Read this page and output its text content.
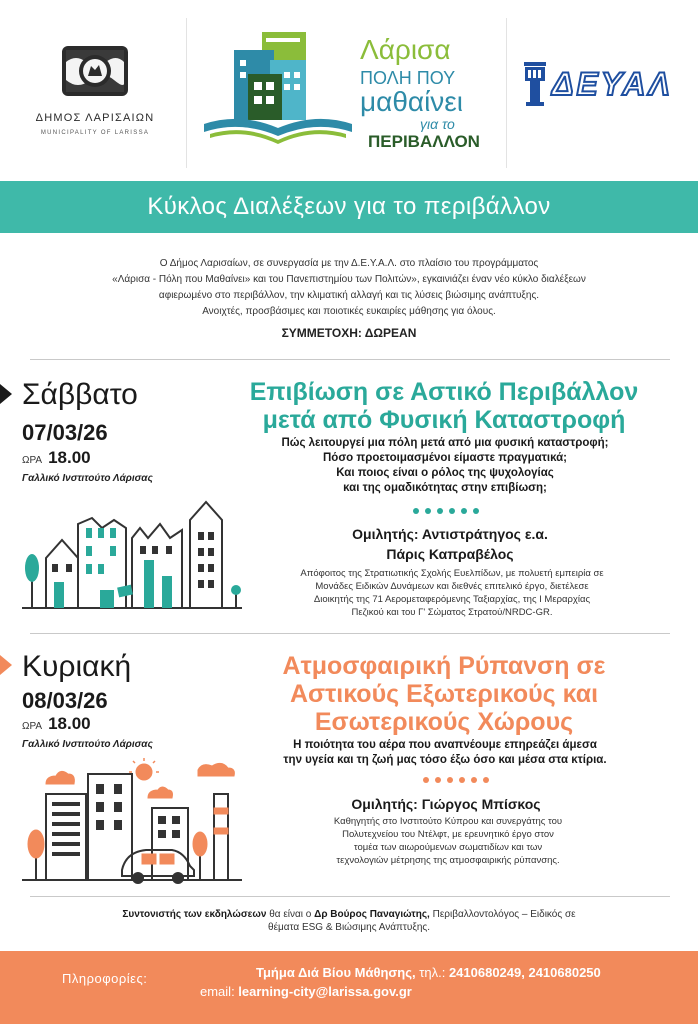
ΔΗΜΟΣ ΛΑΡΙΣΑΙΩΝ
MUNICIPALITY OF LARISSA
Λάρισα
ΠΟΛΗ ΠΟΥ
μαθαίνει
για το
ΠΕΡΙΒΑΛΛΟΝ
ΔΕΥΑΛ
Κύκλος Διαλέξεων για το περιβάλλον

Ο Δήμος Λαρισαίων, σε συνεργασία με την Δ.Ε.Υ.Α.Λ. στο πλαίσιο του προγράμματος

«Λάρισα - Πόλη που Μαθαίνει» και του Πανεπιστημίου των Πολιτών», εγκαινιάζει έναν νέο κύκλο διαλέξεων

αφιερωμένο στο περιβάλλον, την κλιματική αλλαγή και τις λύσεις βιώσιμης ανάπτυξης.

Ανοιχτές, προσβάσιμες και ποιοτικές ευκαιρίες μάθησης για όλους.

ΣΥΜΜΕΤΟΧΗ: ΔΩΡΕΑΝ
Σάββατο
07/03/26
ΩΡΑ 18.00
Γαλλικό Ινστιτούτο Λάρισας

Επιβίωση σε Αστικό Περιβάλλον

μετά από Φυσική Καταστροφή

Πώς λειτουργεί μια πόλη μετά από μια φυσική καταστροφή;

Πόσο προετοιμασμένοι είμαστε πραγματικά;

Και ποιος είναι ο ρόλος της ψυχολογίας

και της ομαδικότητας στην επιβίωση;

Ομιλητής: Αντιστράτηγος ε.α.

Πάρις Καπραβέλος

Απόφοιτος της Στρατιωτικής Σχολής Ευελπίδων, με πολυετή εμπειρία σε

Μονάδες Ειδικών Δυνάμεων και διεθνές επιτελικό έργο, διετέλεσε

Διοικητής της 71 Αερομεταφερόμενης Ταξιαρχίας, της Ι Μεραρχίας

Πεζικού και του Γ' Σώματος Στρατού/NRDC-GR.

Κυριακή
08/03/26
ΩΡΑ 18.00
Γαλλικό Ινστιτούτο Λάρισας

Ατμοσφαιρική Ρύπανση σε

Αστικούς Εξωτερικούς και

Εσωτερικούς Χώρους

Η ποιότητα του αέρα που αναπνέουμε επηρεάζει άμεσα

την υγεία και τη ζωή μας τόσο έξω όσο και μέσα στα κτίρια.

Ομιλητής: Γιώργος Μπίσκος

Καθηγητής στο Ινστιτούτο Κύπρου και συνεργάτης του

Πολυτεχνείου του Ντέλφτ, με ερευνητικό έργο στον

τομέα των αιωρούμενων σωματιδίων και των

τεχνολογιών μέτρησης της ατμοσφαιρικής ρύπανσης.

Συντονιστής των εκδηλώσεων θα είναι ο Δρ Βούρος Παναγιώτης, Περιβαλλοντολόγος – Ειδικός σε

θέματα ESG & Βιώσιμης Ανάπτυξης.

Πληροφορίες:	Τμήμα Διά Βίου Μάθησης, τηλ.: 2410680249, 2410680250
email: learning-city@larissa.gov.gr
